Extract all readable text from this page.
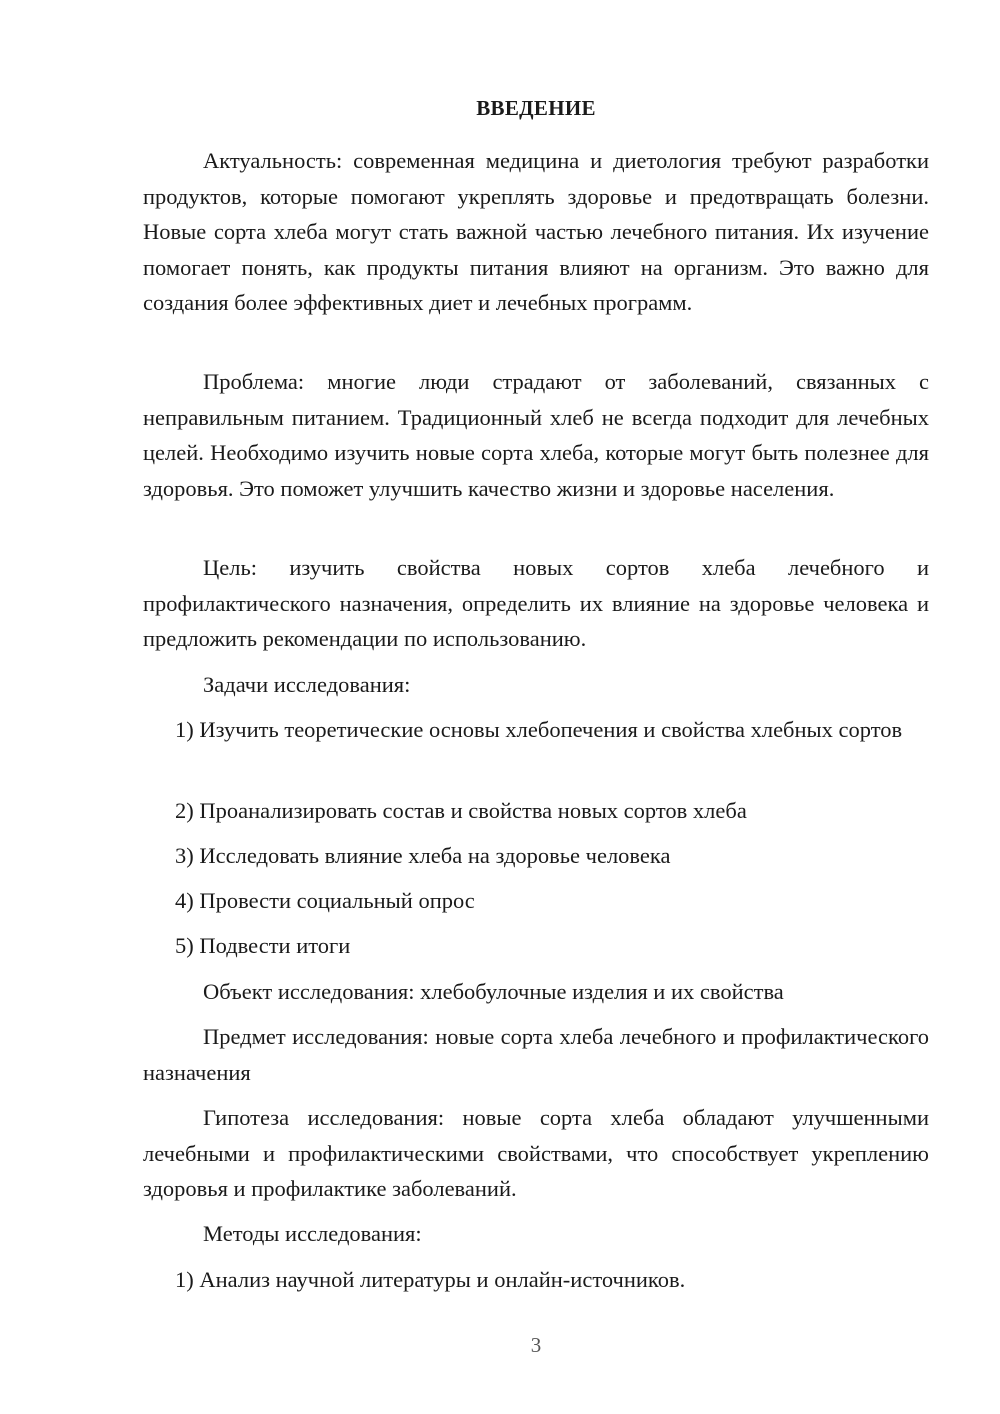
ВВЕДЕНИЕ

Актуальность: современная медицина и диетология требуют разработки продуктов, которые помогают укреплять здоровье и предотвращать болезни. Новые сорта хлеба могут стать важной частью лечебного питания. Их изучение помогает понять, как продукты питания влияют на организм. Это важно для создания более эффективных диет и лечебных программ.

Проблема: многие люди страдают от заболеваний, связанных с неправильным питанием. Традиционный хлеб не всегда подходит для лечебных целей. Необходимо изучить новые сорта хлеба, которые могут быть полезнее для здоровья. Это поможет улучшить качество жизни и здоровье населения.

Цель: изучить свойства новых сортов хлеба лечебного и профилактического назначения, определить их влияние на здоровье человека и предложить рекомендации по использованию.

Задачи исследования:

1) Изучить теоретические основы хлебопечения и свойства хлебных сортов

2) Проанализировать состав и свойства новых сортов хлеба

3) Исследовать влияние хлеба на здоровье человека

4) Провести социальный опрос

5) Подвести итоги

Объект исследования: хлебобулочные изделия и их свойства

Предмет исследования: новые сорта хлеба лечебного и профилактического назначения

Гипотеза исследования: новые сорта хлеба обладают улучшенными лечебными и профилактическими свойствами, что способствует укреплению здоровья и профилактике заболеваний.

Методы исследования:

1) Анализ научной литературы и онлайн-источников.

3
